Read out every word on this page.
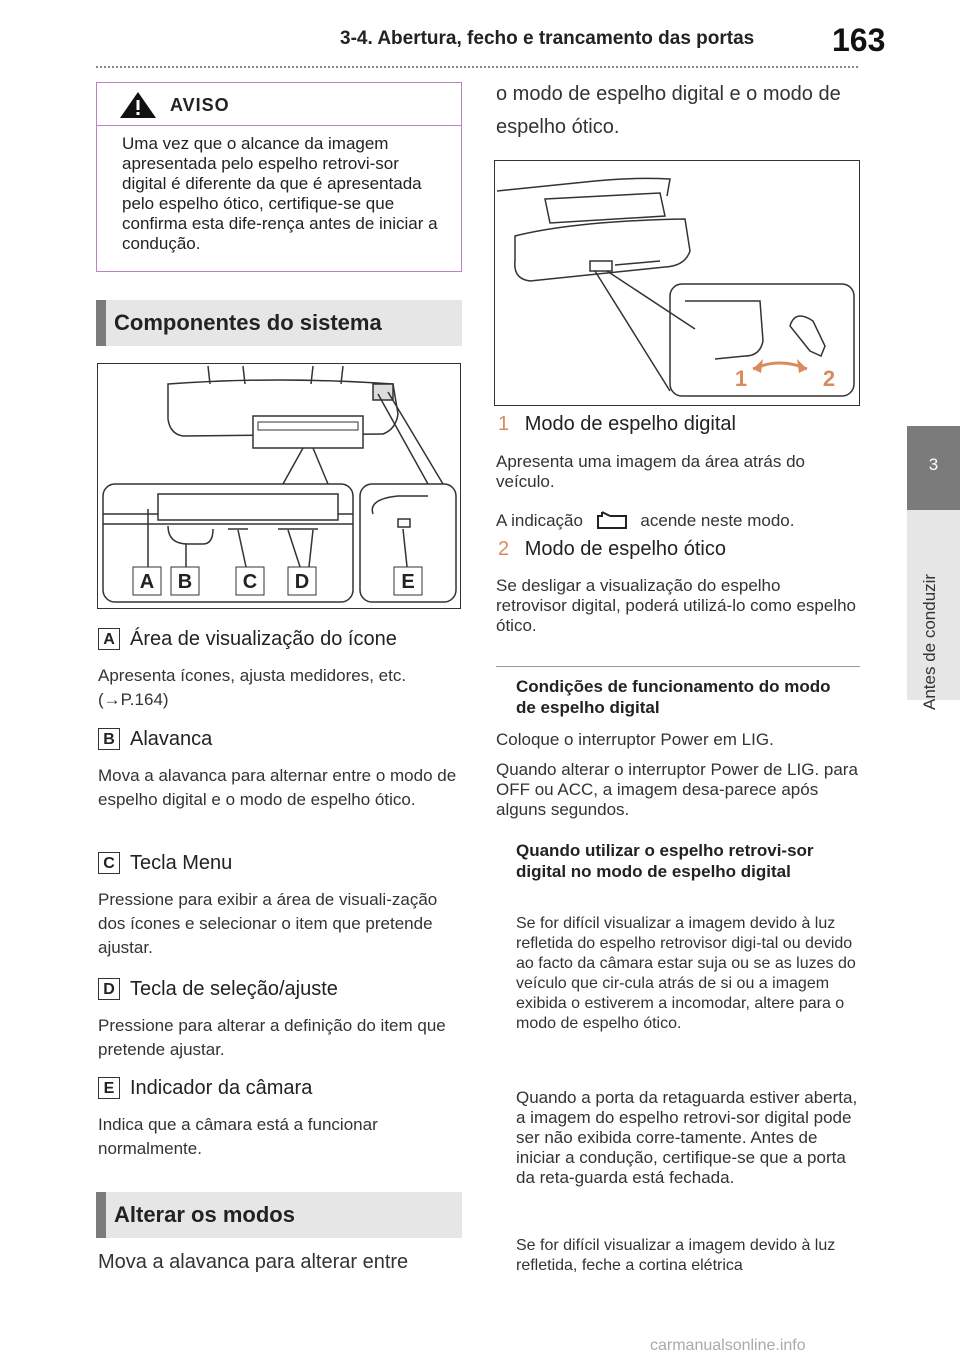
3-4. Abertura, fecho e trancamento das portas 163
3
Antes de conduzir
AVISO
Uma vez que o alcance da imagem apresentada pelo espelho retrovi-sor digital é diferente da que é apresentada pelo espelho ótico, certifique-se que confirma esta dife-rença antes de iniciar a condução.
Componentes do sistema
A B	C D	E
A Área de visualização do ícone
Apresenta ícones, ajusta medidores, etc. (→P.164)
B Alavanca
Mova a alavanca para alternar entre o modo de espelho digital e o modo de espelho ótico.
C Tecla Menu
Pressione para exibir a área de visuali-zação dos ícones e selecionar o item que pretende ajustar.
D Tecla de seleção/ajuste
Pressione para alterar a definição do item que pretende ajustar.
E Indicador da câmara
Indica que a câmara está a funcionar normalmente.
Alterar os modos
Mova a alavanca para alterar entre
o modo de espelho digital e o modo de espelho ótico.
1	2
1 Modo de espelho digital
Apresenta uma imagem da área atrás do veículo.
A indicação	acende neste modo.
2 Modo de espelho ótico
Se desligar a visualização do espelho retrovisor digital, poderá utilizá-lo como espelho ótico.
Condições de funcionamento do modo de espelho digital
Coloque o interruptor Power em LIG.
Quando alterar o interruptor Power de LIG. para OFF ou ACC, a imagem desa-parece após alguns segundos.
Quando utilizar o espelho retrovi-sor digital no modo de espelho digital
Se for difícil visualizar a imagem devido à luz refletida do espelho retrovisor digi-tal ou devido ao facto da câmara estar suja ou se as luzes do veículo que cir-cula atrás de si ou a imagem exibida o estiverem a incomodar, altere para o modo de espelho ótico.
Quando a porta da retaguarda estiver aberta, a imagem do espelho retrovi-sor digital pode ser não exibida corre-tamente. Antes de iniciar a condução, certifique-se que a porta da reta-guarda está fechada.
Se for difícil visualizar a imagem devido à luz refletida, feche a cortina elétrica
carmanualsonline.info
